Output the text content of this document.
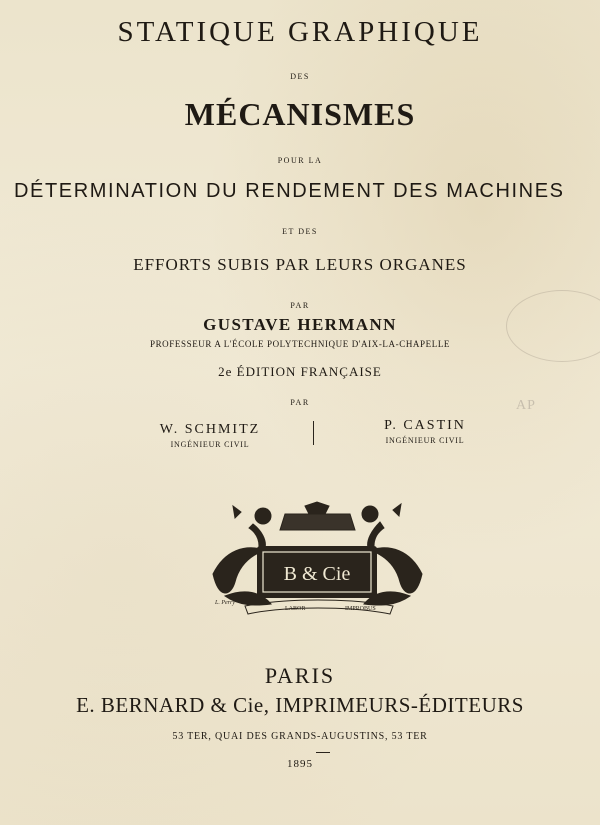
STATIQUE GRAPHIQUE
DES
MÉCANISMES
POUR LA
DÉTERMINATION DU RENDEMENT DES MACHINES
ET DES
EFFORTS SUBIS PAR LEURS ORGANES
PAR
GUSTAVE HERMANN
PROFESSEUR A L'ÉCOLE POLYTECHNIQUE D'AIX-LA-CHAPELLE
2e ÉDITION FRANÇAISE
PAR
W. SCHMITZ
INGÉNIEUR CIVIL
P. CASTIN
INGÉNIEUR CIVIL
AP
B & Cie
LABOR	IMPROBUS
L. Perry
PARIS
E. BERNARD & Cie, IMPRIMEURS-ÉDITEURS
53 TER, QUAI DES GRANDS-AUGUSTINS, 53 TER
1895
